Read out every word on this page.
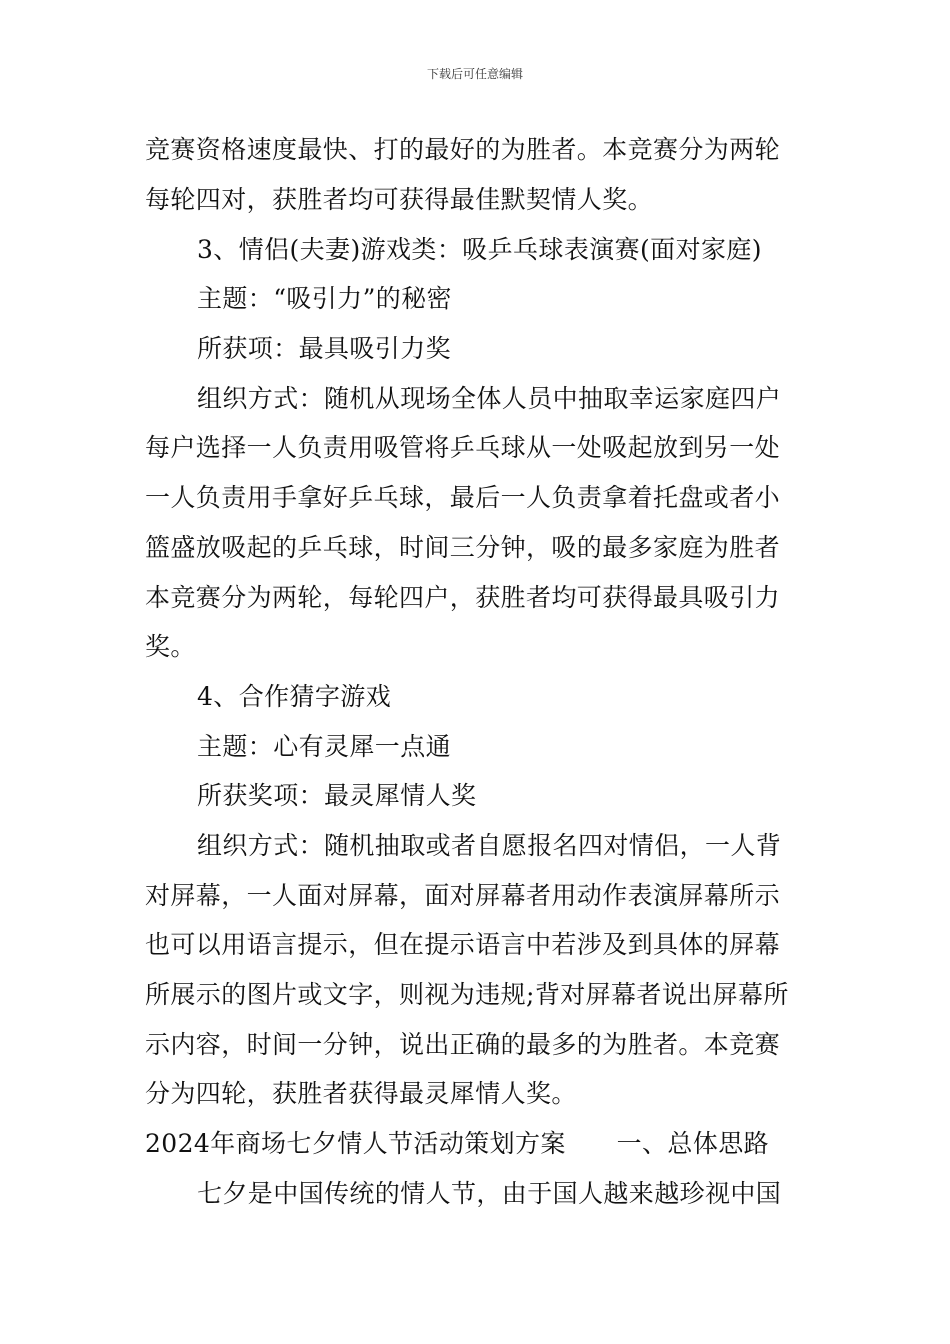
下载后可任意编辑
竞赛资格速度最快、打的最好的为胜者。本竞赛分为两轮
每轮四对，获胜者均可获得最佳默契情人奖。
3、情侣(夫妻)游戏类：吸乒乓球表演赛(面对家庭)
主题：“吸引力”的秘密
所获项：最具吸引力奖
组织方式：随机从现场全体人员中抽取幸运家庭四户
每户选择一人负责用吸管将乒乓球从一处吸起放到另一处
一人负责用手拿好乒乓球，最后一人负责拿着托盘或者小
篮盛放吸起的乒乓球，时间三分钟，吸的最多家庭为胜者
本竞赛分为两轮，每轮四户，获胜者均可获得最具吸引力
奖。
4、合作猜字游戏
主题：心有灵犀一点通
所获奖项：最灵犀情人奖
组织方式：随机抽取或者自愿报名四对情侣，一人背
对屏幕，一人面对屏幕，面对屏幕者用动作表演屏幕所示
也可以用语言提示，但在提示语言中若涉及到具体的屏幕
所展示的图片或文字，则视为违规;背对屏幕者说出屏幕所
示内容，时间一分钟，说出正确的最多的为胜者。本竞赛
分为四轮，获胜者获得最灵犀情人奖。
2024年商场七夕情人节活动策划方案　　一、总体思路
七夕是中国传统的情人节，由于国人越来越珍视中国
